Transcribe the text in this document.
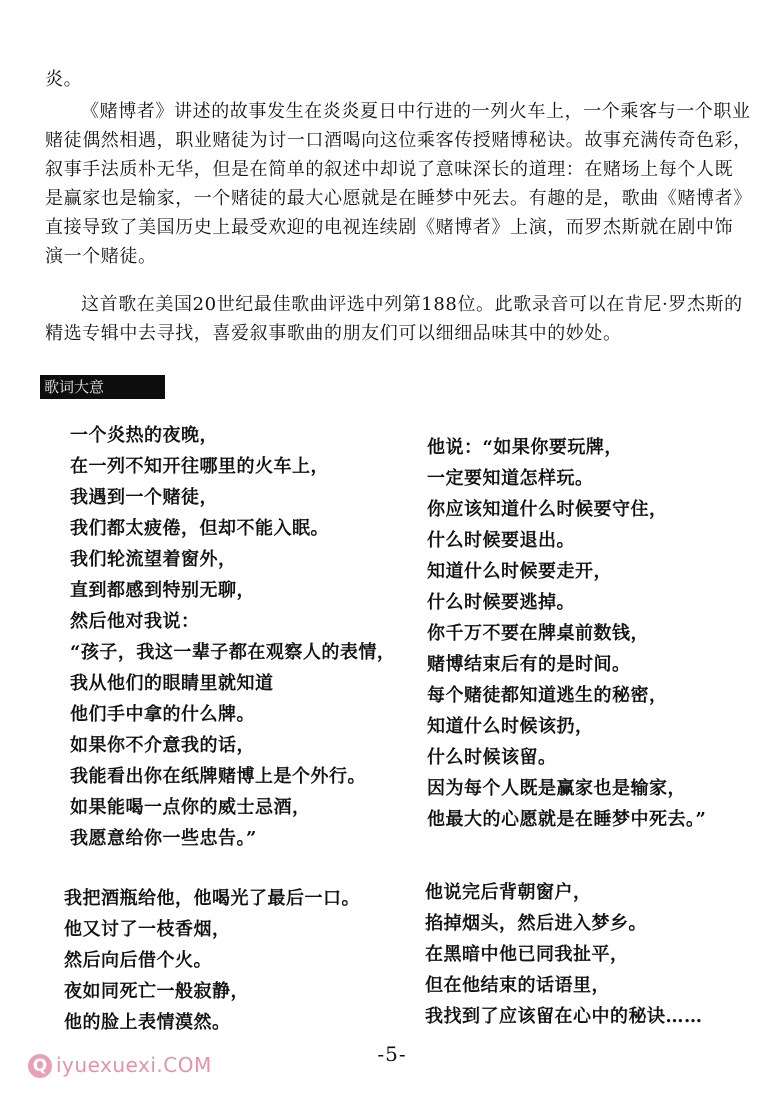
炎。

《赌博者》讲述的故事发生在炎炎夏日中行进的一列火车上，一个乘客与一个职业
赌徒偶然相遇，职业赌徒为讨一口酒喝向这位乘客传授赌博秘诀。故事充满传奇色彩，
叙事手法质朴无华，但是在简单的叙述中却说了意味深长的道理：在赌场上每个人既
是赢家也是输家，一个赌徒的最大心愿就是在睡梦中死去。有趣的是，歌曲《赌博者》
直接导致了美国历史上最受欢迎的电视连续剧《赌博者》上演，而罗杰斯就在剧中饰
演一个赌徒。

这首歌在美国20世纪最佳歌曲评选中列第188位。此歌录音可以在肯尼·罗杰斯的
精选专辑中去寻找，喜爱叙事歌曲的朋友们可以细细品味其中的妙处。

歌词大意
一个炎热的夜晚，
在一列不知开往哪里的火车上，
我遇到一个赌徒，
我们都太疲倦，但却不能入眠。
我们轮流望着窗外，
直到都感到特别无聊，
然后他对我说：
“孩子，我这一辈子都在观察人的表情，
我从他们的眼睛里就知道
他们手中拿的什么牌。
如果你不介意我的话，
我能看出你在纸牌赌博上是个外行。
如果能喝一点你的威士忌酒，
我愿意给你一些忠告。”
我把酒瓶给他，他喝光了最后一口。
他又讨了一枝香烟，
然后向后借个火。
夜如同死亡一般寂静，
他的脸上表情漠然。
他说：“如果你要玩牌，
一定要知道怎样玩。
你应该知道什么时候要守住，
什么时候要退出。
知道什么时候要走开，
什么时候要逃掉。
你千万不要在牌桌前数钱，
赌博结束后有的是时间。
每个赌徒都知道逃生的秘密，
知道什么时候该扔，
什么时候该留。
因为每个人既是赢家也是输家，
他最大的心愿就是在睡梦中死去。”
他说完后背朝窗户，
掐掉烟头，然后进入梦乡。
在黑暗中他已同我扯平，
但在他结束的话语里，
我找到了应该留在心中的秘诀……
Q iyuexuexi.COM	-5-
